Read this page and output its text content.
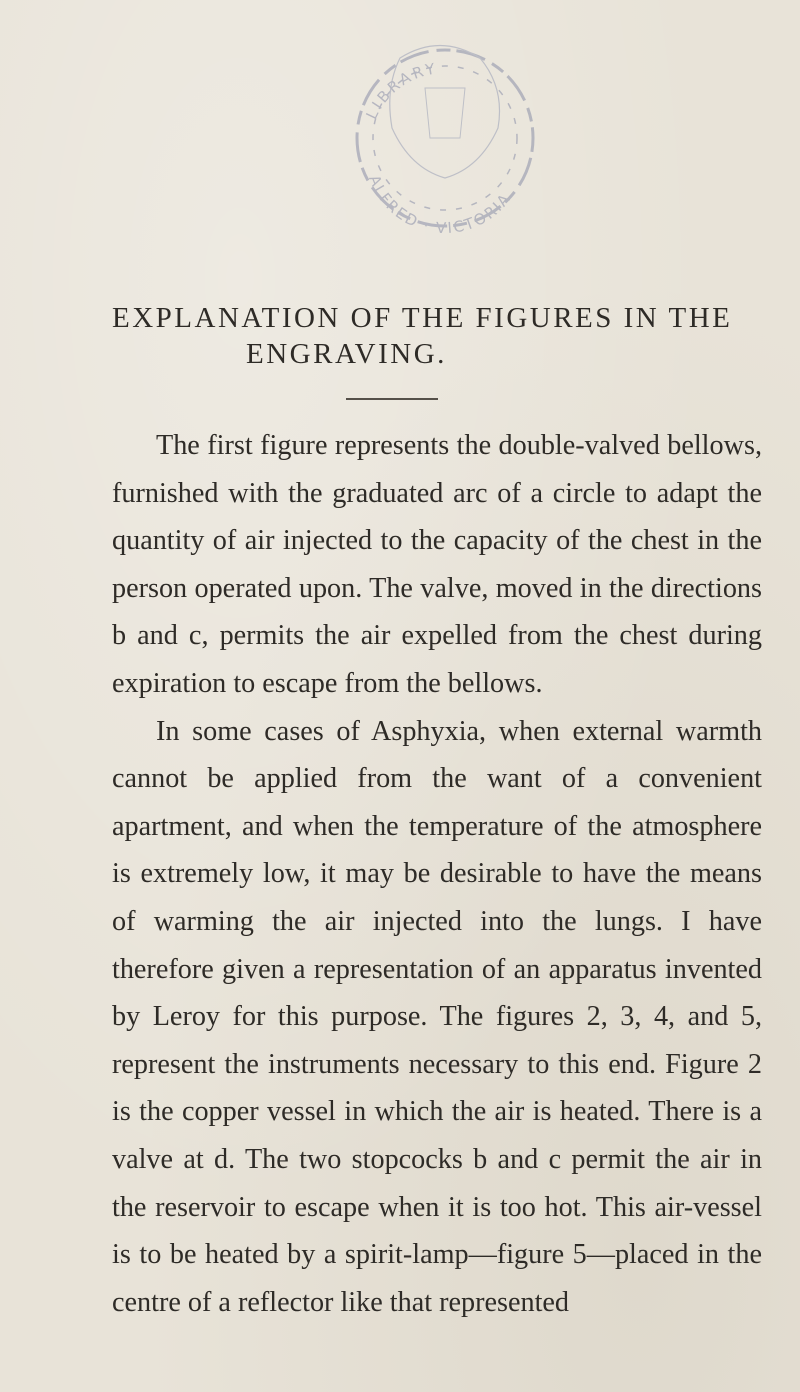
LIBRARY
ALFRED · VICTORIA
EXPLANATION OF THE FIGURES IN THE
ENGRAVING.

The first figure represents the double-valved bellows, furnished with the graduated arc of a circle to adapt the quantity of air injected to the capacity of the chest in the person operated upon. The valve, moved in the directions b and c, permits the air expelled from the chest during expiration to escape from the bellows.

In some cases of Asphyxia, when external warmth cannot be applied from the want of a convenient apartment, and when the temperature of the atmosphere is extremely low, it may be desirable to have the means of warming the air injected into the lungs. I have therefore given a representation of an apparatus invented by Leroy for this purpose. The figures 2, 3, 4, and 5, represent the instruments necessary to this end. Figure 2 is the copper vessel in which the air is heated. There is a valve at d. The two stopcocks b and c permit the air in the reservoir to escape when it is too hot. This air-vessel is to be heated by a spirit-lamp—figure 5—placed in the centre of a reflector like that represented
